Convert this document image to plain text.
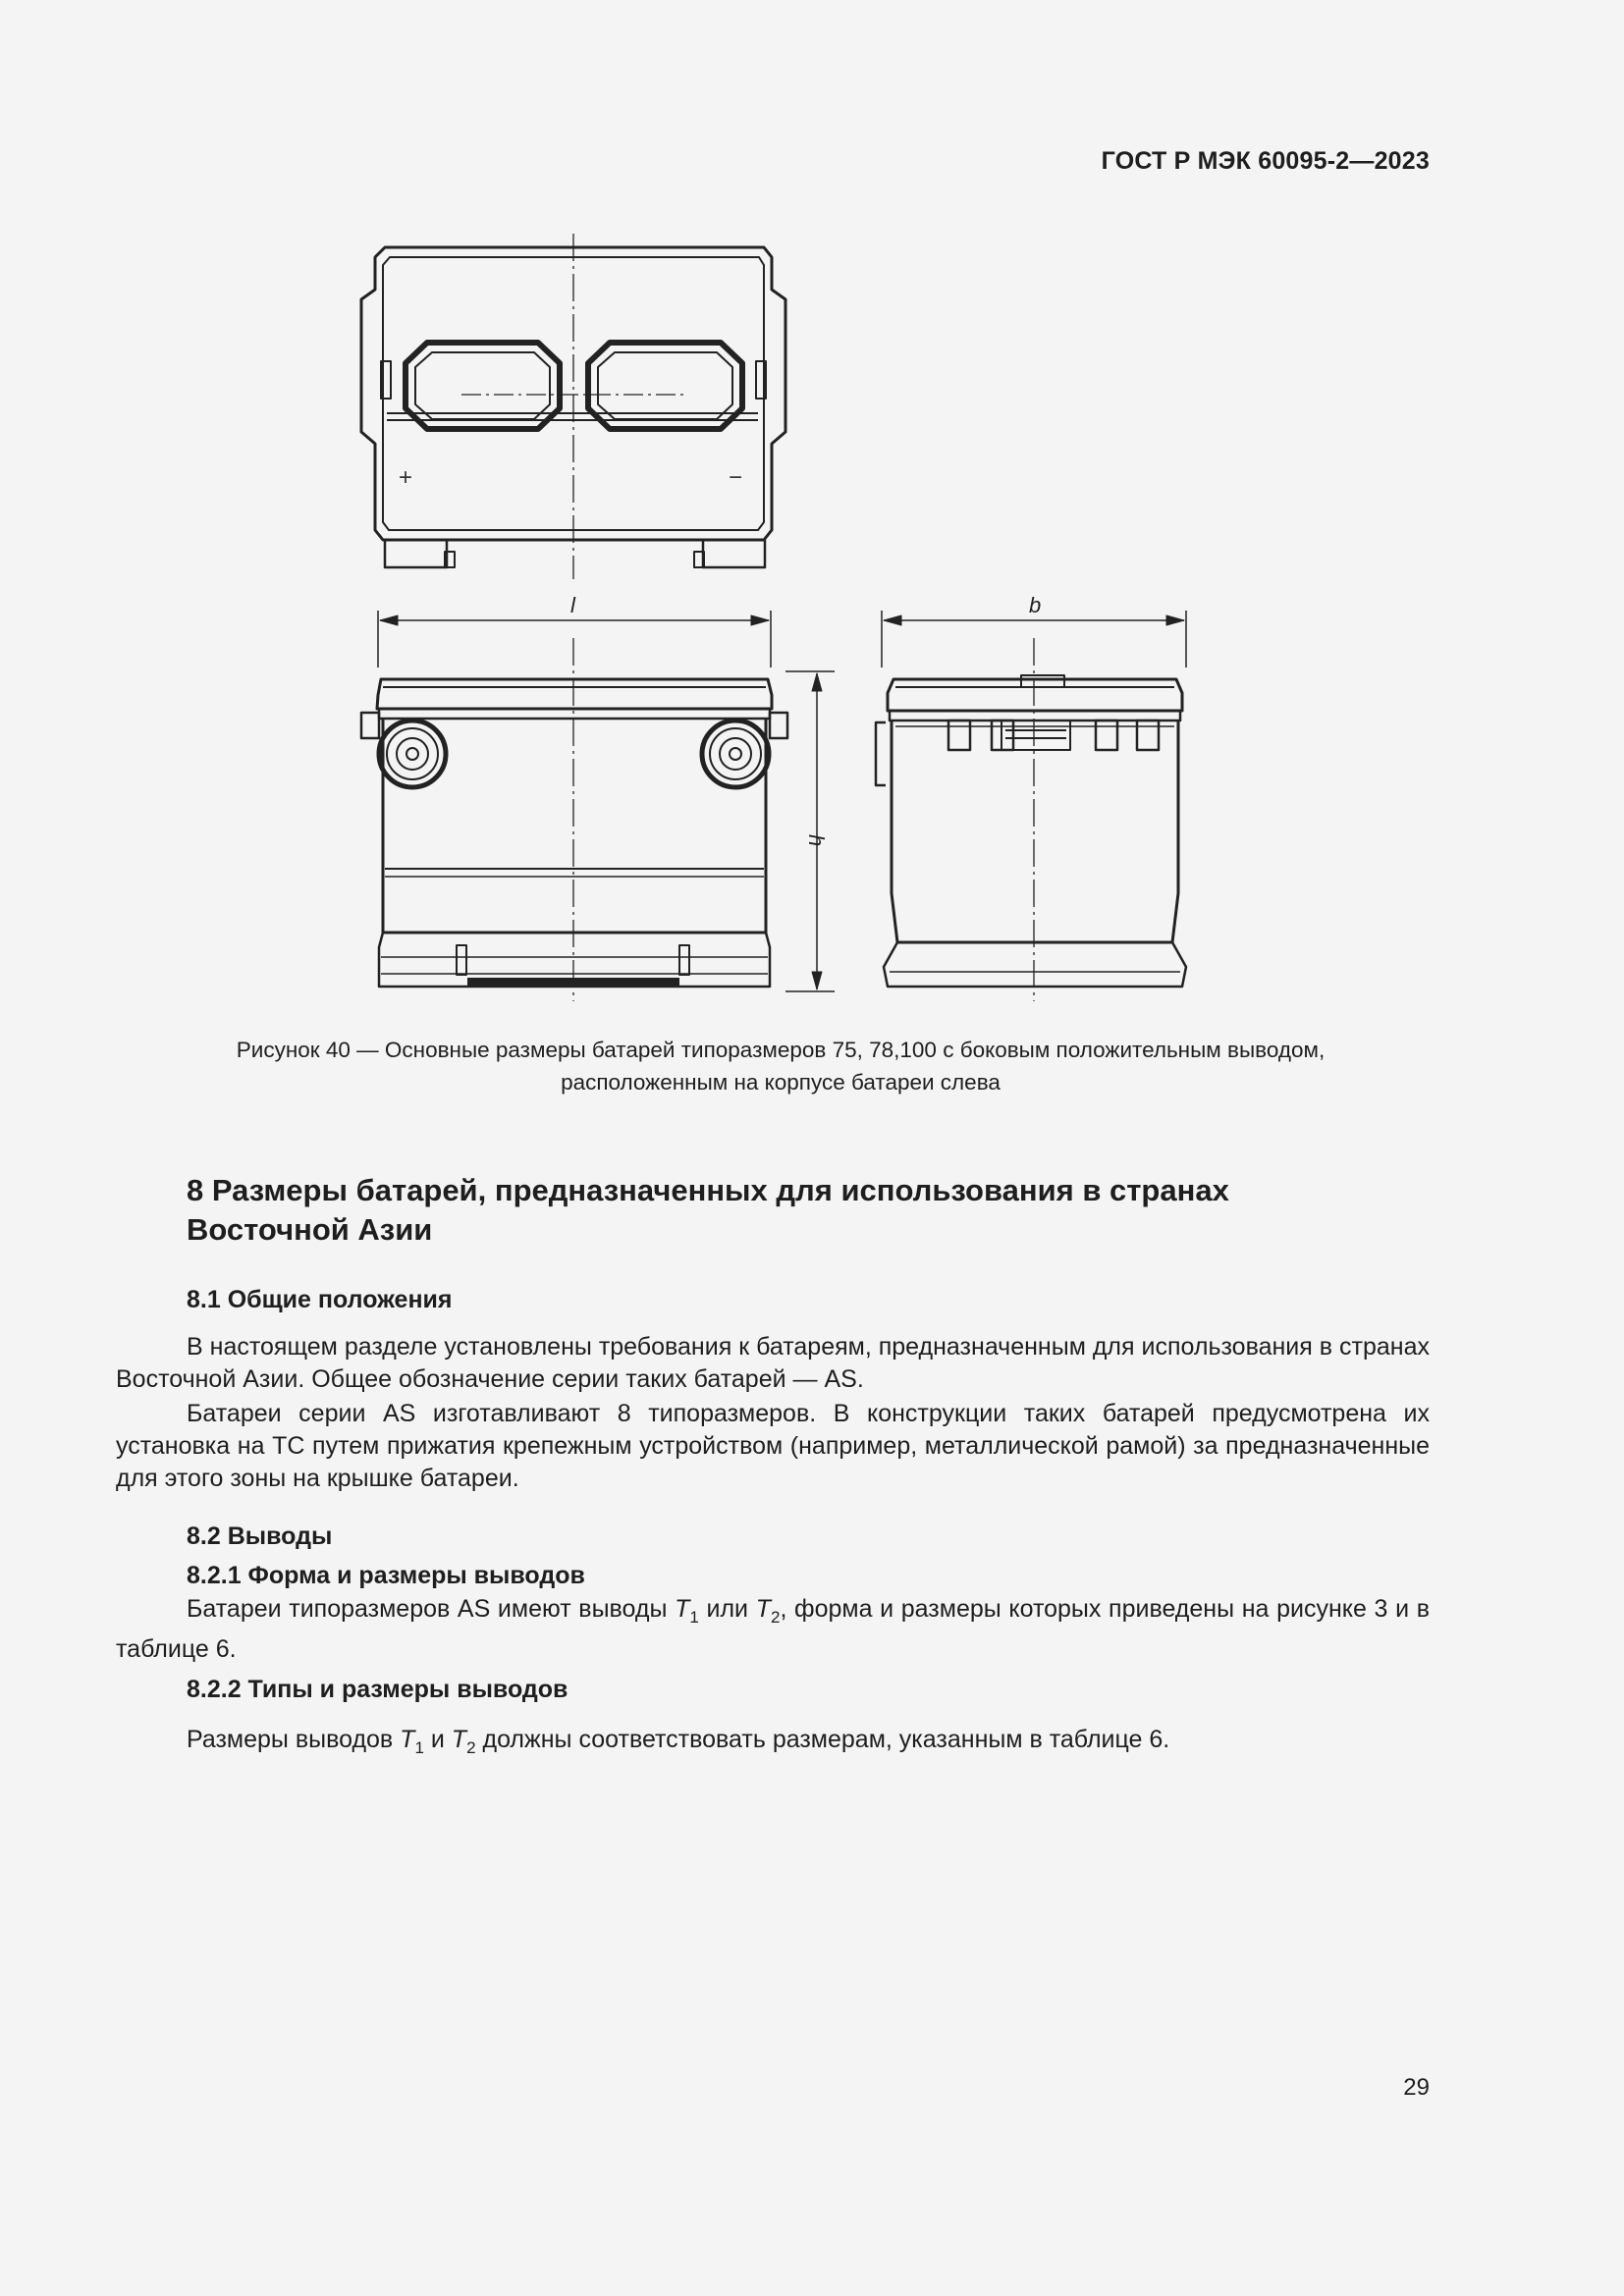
ГОСТ Р МЭК 60095-2—2023
+	−
l	b
h
Рисунок 40 — Основные размеры батарей типоразмеров 75, 78,100 с боковым положительным выводом,
расположенным на корпусе батареи слева
8 Размеры батарей, предназначенных для использования в странах
Восточной Азии
8.1 Общие положения
В настоящем разделе установлены требования к батареям, предназначенным для использования в странах Восточной Азии. Общее обозначение серии таких батарей — AS.
Батареи серии AS изготавливают 8 типоразмеров. В конструкции таких батарей предусмотрена их установка на ТС путем прижатия крепежным устройством (например, металлической рамой) за предназначенные для этого зоны на крышке батареи.
8.2 Выводы
8.2.1 Форма и размеры выводов
Батареи типоразмеров AS имеют выводы $T_1$ или $T_2$, форма и размеры которых приведены на рисунке 3 и в таблице 6.
8.2.2 Типы и размеры выводов
Размеры выводов $T_1$ и $T_2$ должны соответствовать размерам, указанным в таблице 6.
29
